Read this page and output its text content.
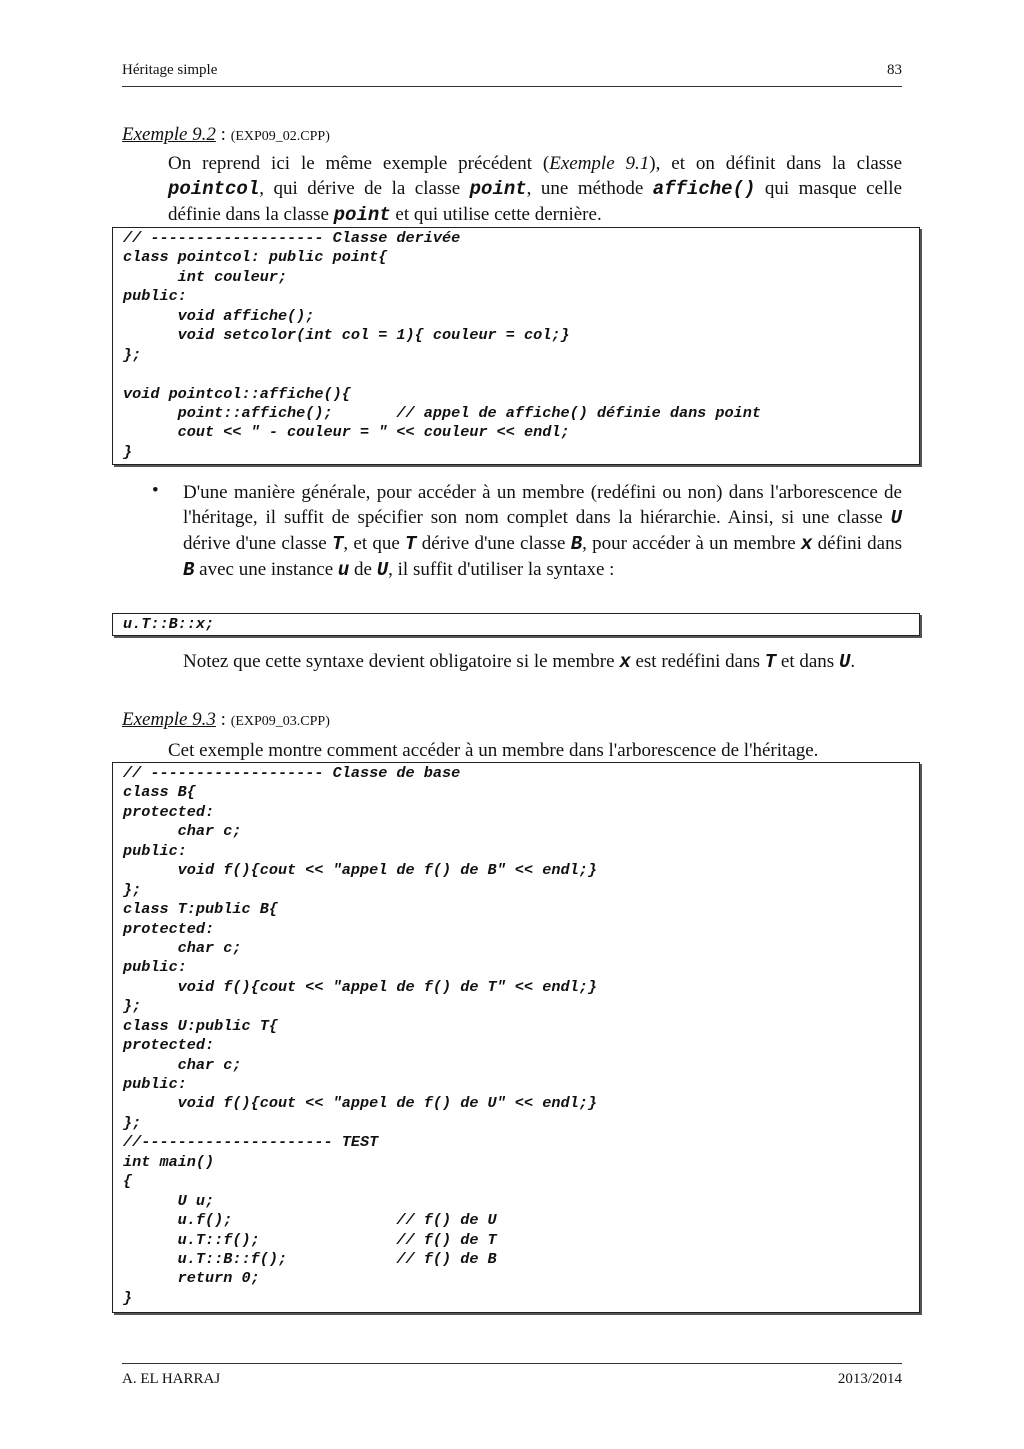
Héritage simple	83
Exemple 9.2 : (EXP09_02.CPP)
On reprend ici le même exemple précédent (Exemple 9.1), et on définit dans la classe pointcol, qui dérive de la classe point, une méthode affiche() qui masque celle définie dans la classe point et qui utilise cette dernière.
// ------------------- Classe derivée
class pointcol: public point{
int couleur;
public:
void affiche();
void setcolor(int col = 1){ couleur = col;}
};
void pointcol::affiche(){
point::affiche();       // appel de affiche() définie dans point
cout << " - couleur = " << couleur << endl;
}
• D'une manière générale, pour accéder à un membre (redéfini ou non) dans l'arborescence de l'héritage, il suffit de spécifier son nom complet dans la hiérarchie. Ainsi, si une classe U dérive d'une classe T, et que T dérive d'une classe B, pour accéder à un membre x défini dans B avec une instance u de U, il suffit d'utiliser la syntaxe :
u.T::B::x;
Notez que cette syntaxe devient obligatoire si le membre x est redéfini dans T et dans U.
Exemple 9.3 : (EXP09_03.CPP)
Cet exemple montre comment accéder à un membre dans l'arborescence de l'héritage.
// ------------------- Classe de base
class B{
protected:
char c;
public:
void f(){cout << "appel de f() de B" << endl;}
};
class T:public B{
protected:
char c;
public:
void f(){cout << "appel de f() de T" << endl;}
};
class U:public T{
protected:
char c;
public:
void f(){cout << "appel de f() de U" << endl;}
};
//--------------------- TEST
int main()
{
U u;
u.f();                  // f() de U
u.T::f();               // f() de T
u.T::B::f();            // f() de B
return 0;
}
A. EL HARRAJ	2013/2014
